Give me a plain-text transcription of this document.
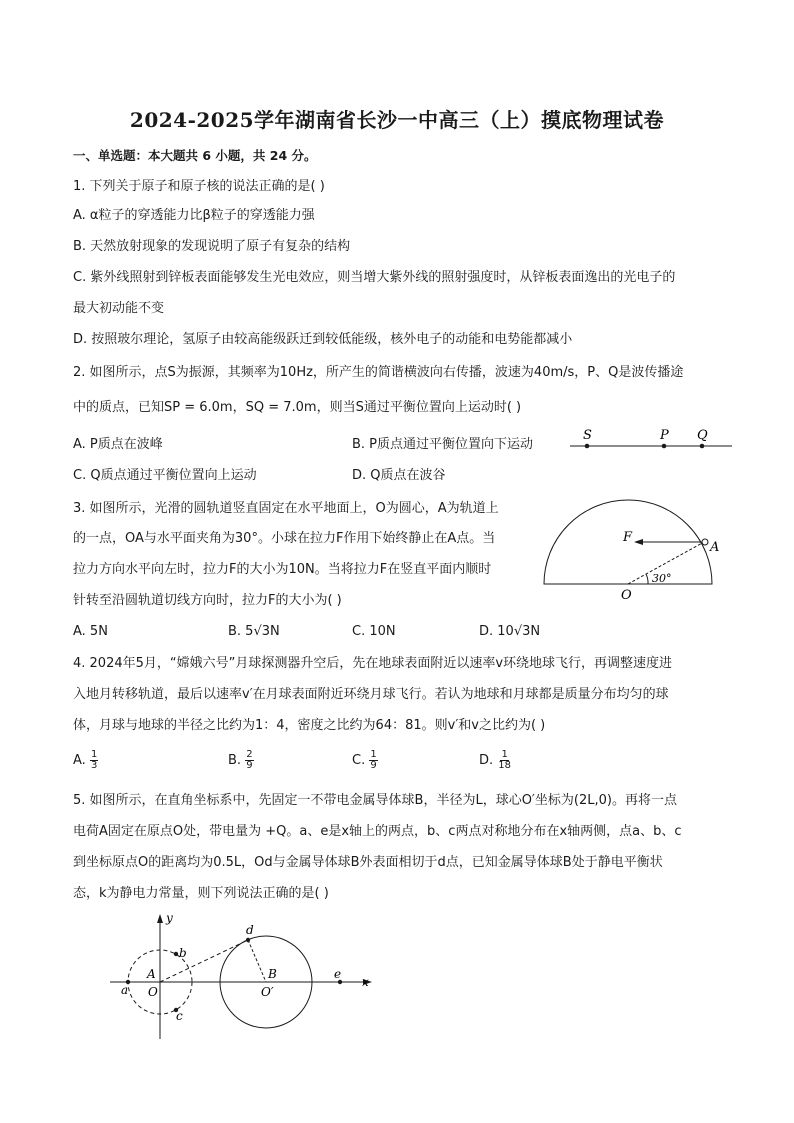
2024-2025学年湖南省长沙一中高三（上）摸底物理试卷
一、单选题：本大题共 6 小题，共 24 分。
1. 下列关于原子和原子核的说法正确的是( )
A. α粒子的穿透能力比β粒子的穿透能力强
B. 天然放射现象的发现说明了原子有复杂的结构
C. 紫外线照射到锌板表面能够发生光电效应，则当增大紫外线的照射强度时，从锌板表面逸出的光电子的
最大初动能不变
D. 按照玻尔理论，氢原子由较高能级跃迁到较低能级，核外电子的动能和电势能都减小
2. 如图所示，点S为振源，其频率为10Hz，所产生的简谐横波向右传播，波速为40m/s，P、Q是波传播途
中的质点，已知SP = 6.0m，SQ = 7.0m，则当S通过平衡位置向上运动时( )
A. P质点在波峰	B. P质点通过平衡位置向下运动
C. Q质点通过平衡位置向上运动	D. Q质点在波谷
S	P Q
3. 如图所示，光滑的圆轨道竖直固定在水平地面上，O为圆心，A为轨道上
的一点，OA与水平面夹角为30°。小球在拉力F作用下始终静止在A点。当
拉力方向水平向左时，拉力F的大小为10N。当将拉力F在竖直平面内顺时
针转至沿圆轨道切线方向时，拉力F的大小为( )
A. 5N	B. 5√3N	C. 10N	D. 10√3N
F
A
O
30°
4. 2024年5月，“嫦娥六号”月球探测器升空后，先在地球表面附近以速率v环绕地球飞行，再调整速度进
入地月转移轨道，最后以速率v′在月球表面附近环绕月球飞行。若认为地球和月球都是质量分布均匀的球
体，月球与地球的半径之比约为1：4，密度之比约为64：81。则v′和v之比约为( )
A. $\frac{1}{3}$	B. $\frac{2}{9}$	C. $\frac{1}{9}$	D. $\frac{1}{18}$
5. 如图所示，在直角坐标系中，先固定一不带电金属导体球B，半径为L，球心O′坐标为(2L,0)。再将一点
电荷A固定在原点O处，带电量为 +Q。a、e是x轴上的两点，b、c两点对称地分布在x轴两侧，点a、b、c
到坐标原点O的距离均为0.5L，Od与金属导体球B外表面相切于d点，已知金属导体球B处于静电平衡状
态，k为静电力常量，则下列说法正确的是( )
y
x
a
b
c
d
e
A
O
B
O′
